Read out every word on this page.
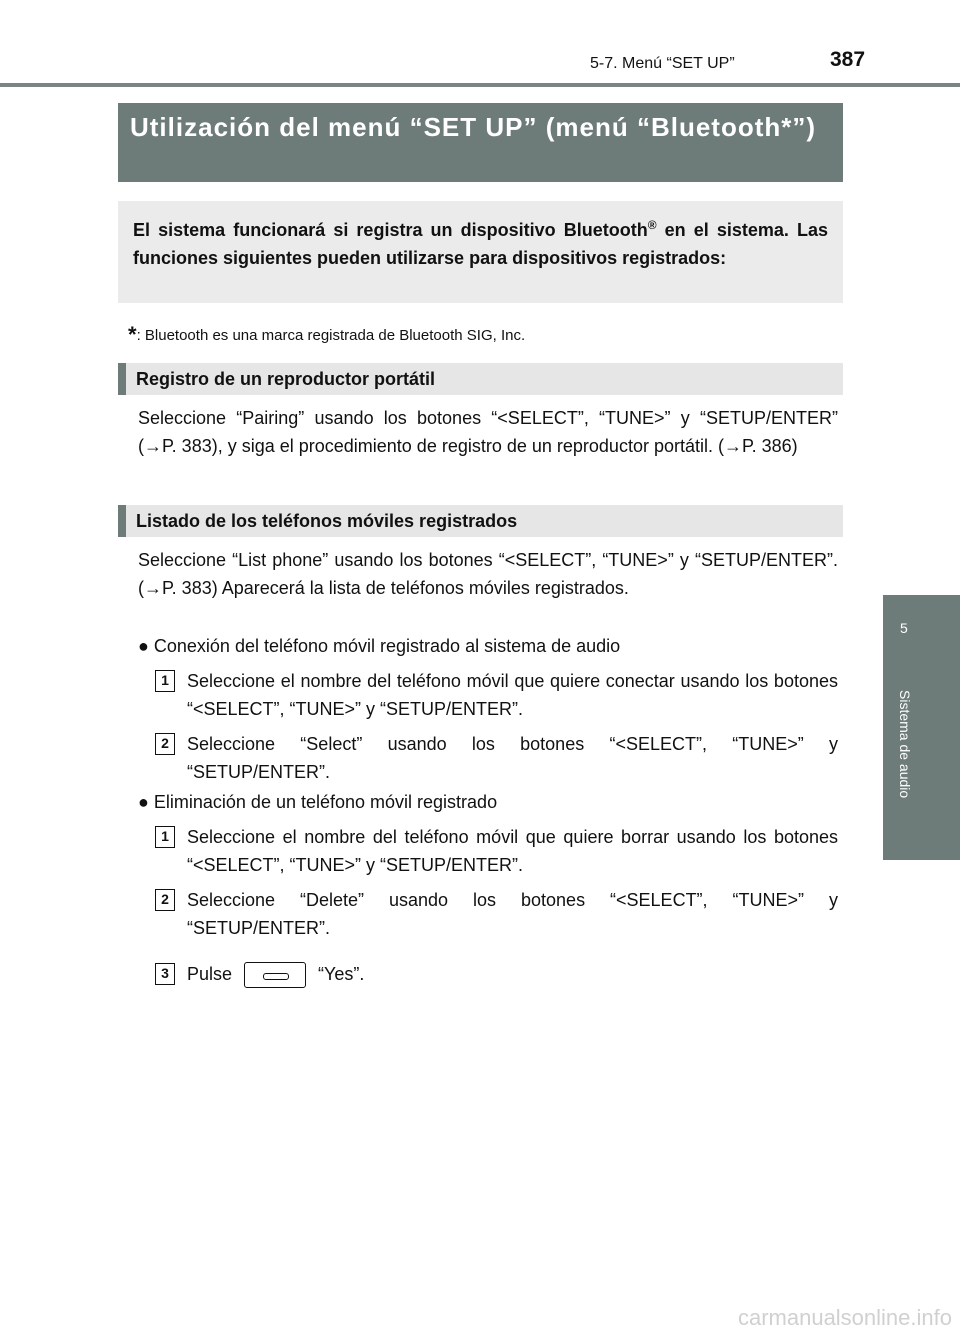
5-7. Menú “SET UP”	387
Utilización del menú “SET UP” (menú “Bluetooth*”)
El sistema funcionará si registra un dispositivo Bluetooth® en el sistema. Las funciones siguientes pueden utilizarse para dispositivos registrados:
*: Bluetooth es una marca registrada de Bluetooth SIG, Inc.
Registro de un reproductor portátil
Seleccione “Pairing” usando los botones “<SELECT”, “TUNE>” y “SETUP/ENTER” (→P. 383), y siga el procedimiento de registro de un reproductor portátil. (→P. 386)
Listado de los teléfonos móviles registrados
Seleccione “List phone” usando los botones “<SELECT”, “TUNE>” y “SETUP/ENTER”. (→P. 383) Aparecerá la lista de teléfonos móviles registrados.
● Conexión del teléfono móvil registrado al sistema de audio
1	Seleccione el nombre del teléfono móvil que quiere conectar usando los botones “<SELECT”, “TUNE>” y “SETUP/ENTER”.
2	Seleccione “Select” usando los botones “<SELECT”, “TUNE>” y “SETUP/ENTER”.
● Eliminación de un teléfono móvil registrado
1	Seleccione el nombre del teléfono móvil que quiere borrar usando los botones “<SELECT”, “TUNE>” y “SETUP/ENTER”.
2	Seleccione “Delete” usando los botones “<SELECT”, “TUNE>” y “SETUP/ENTER”.
3	Pulse	“Yes”.
5
Sistema de audio
carmanualsonline.info
